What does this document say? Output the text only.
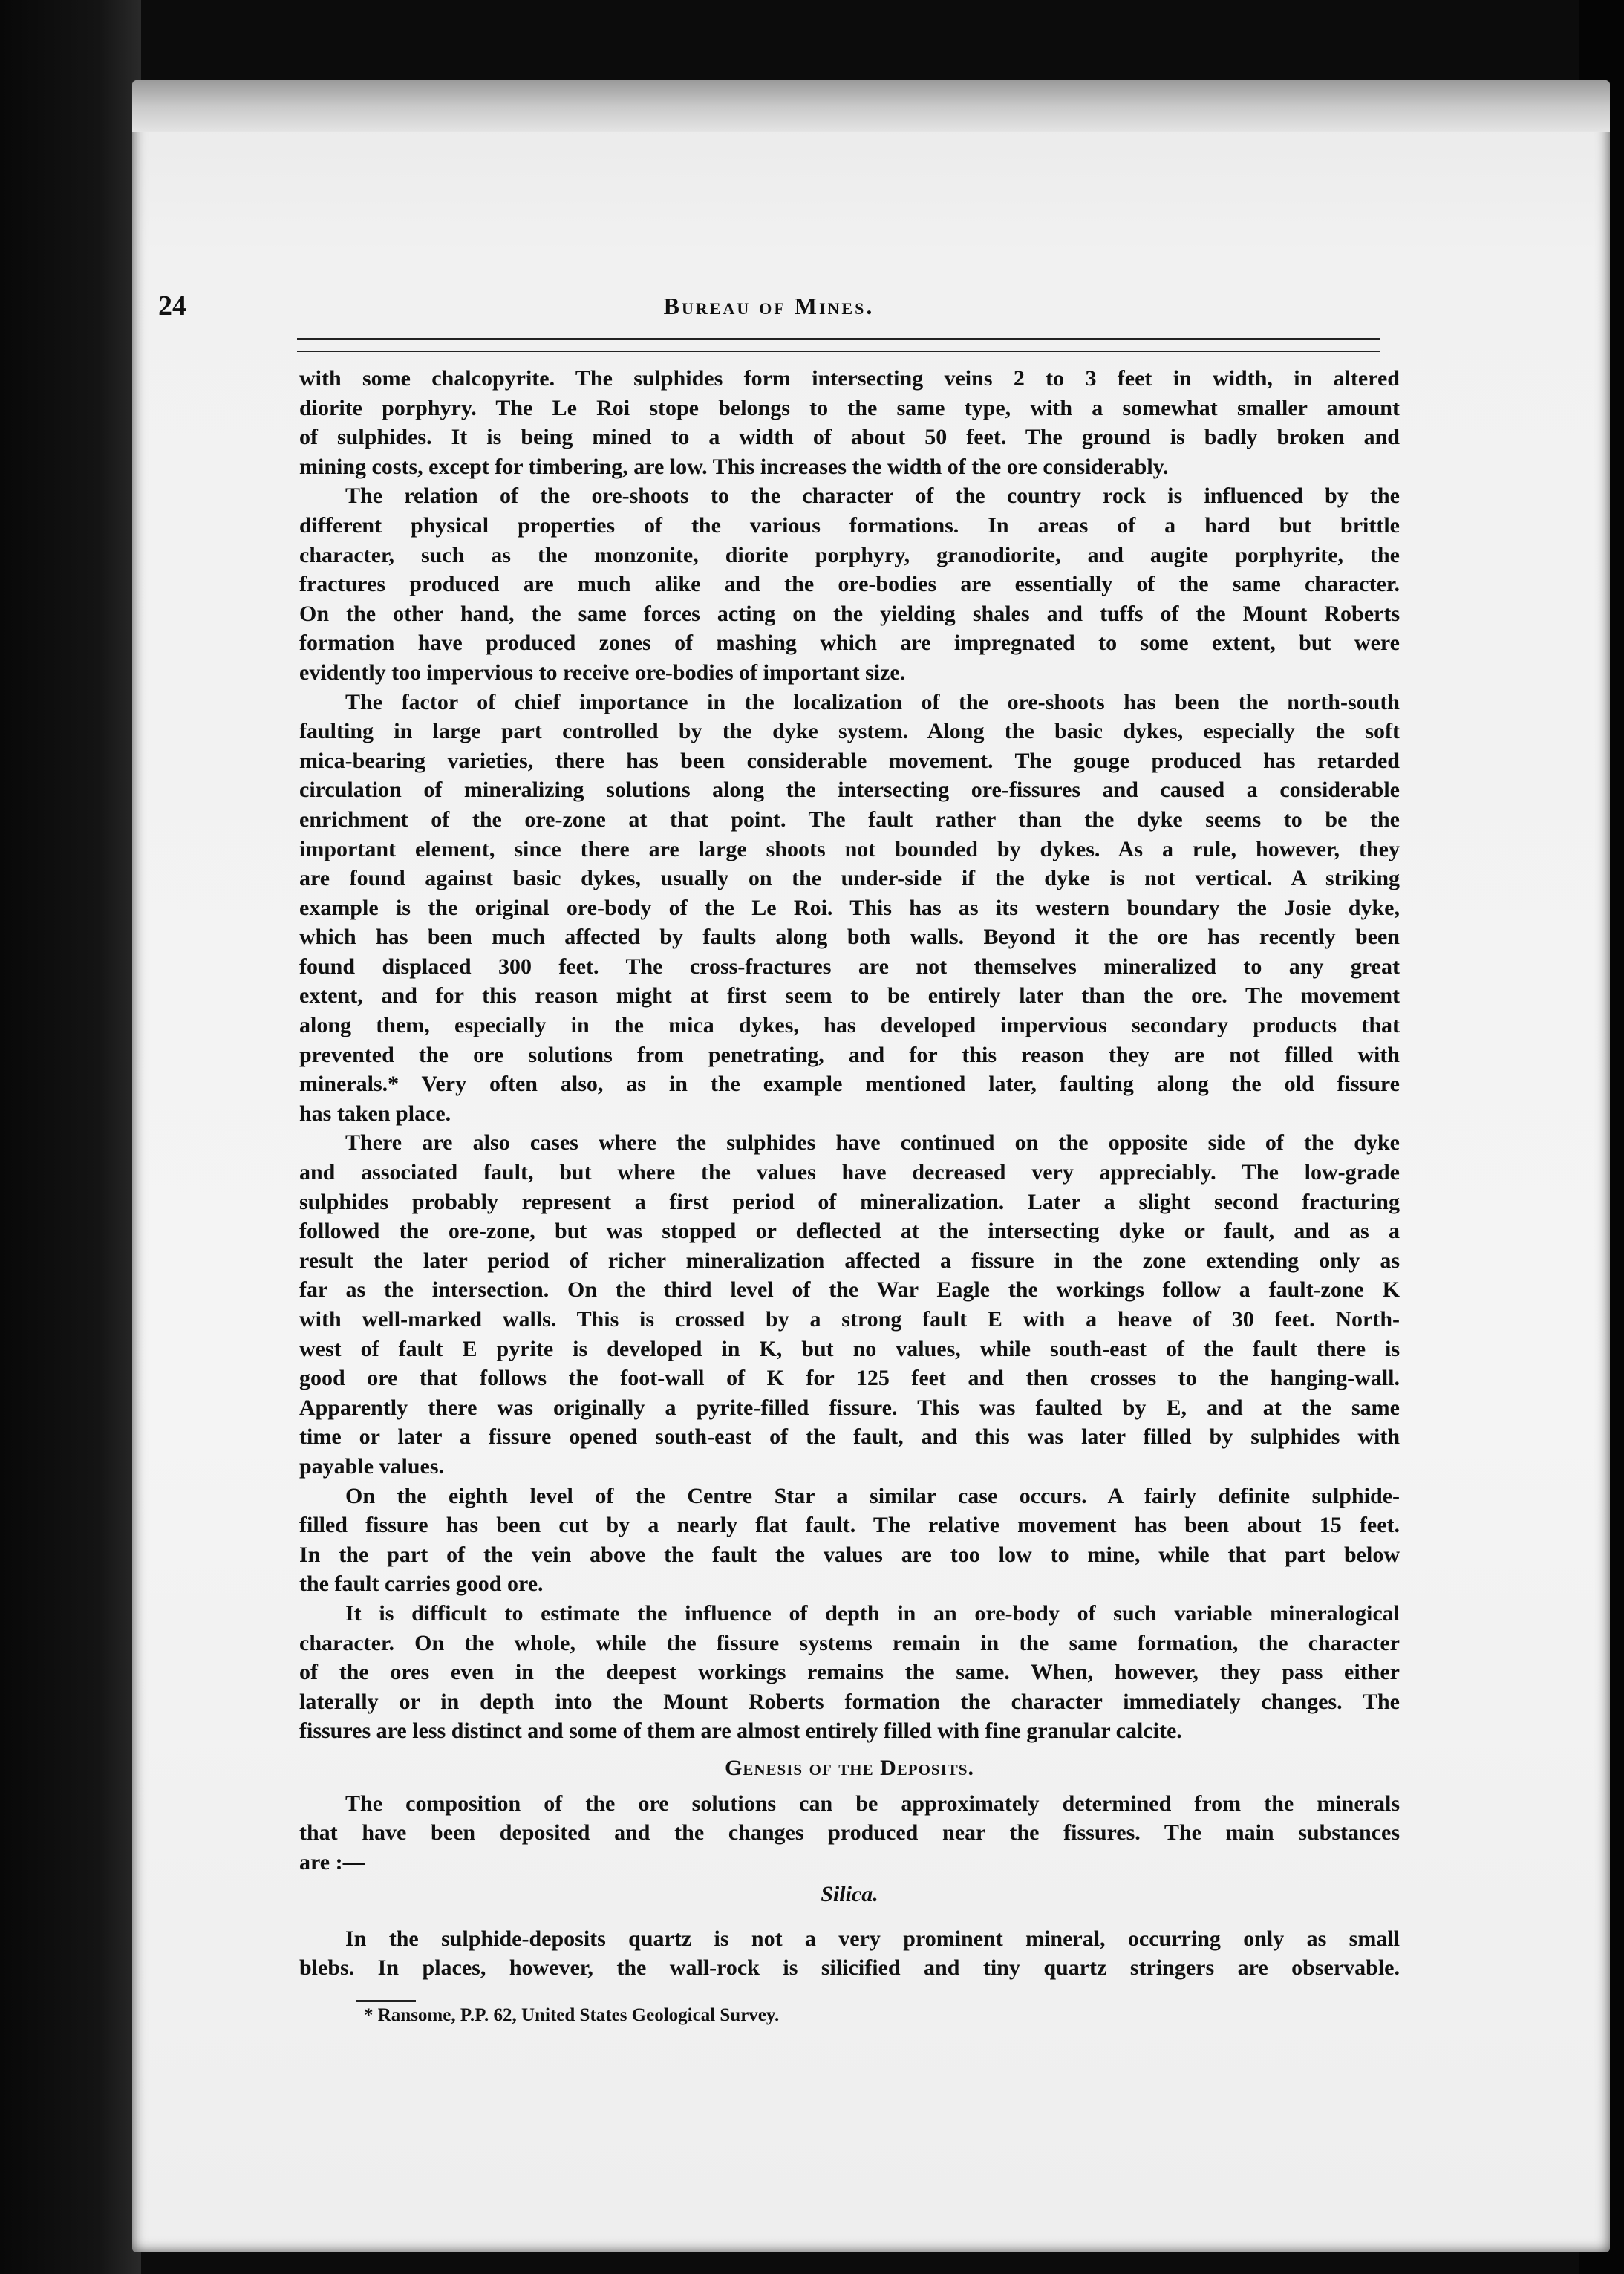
24	Bureau of Mines.
with some chalcopyrite. The sulphides form intersecting veins 2 to 3 feet in width, in altered
diorite porphyry. The Le Roi stope belongs to the same type, with a somewhat smaller amount
of sulphides. It is being mined to a width of about 50 feet. The ground is badly broken and
mining costs, except for timbering, are low. This increases the width of the ore considerably.
The relation of the ore-shoots to the character of the country rock is influenced by the
different physical properties of the various formations. In areas of a hard but brittle
character, such as the monzonite, diorite porphyry, granodiorite, and augite porphyrite, the
fractures produced are much alike and the ore-bodies are essentially of the same character.
On the other hand, the same forces acting on the yielding shales and tuffs of the Mount Roberts
formation have produced zones of mashing which are impregnated to some extent, but were
evidently too impervious to receive ore-bodies of important size.
The factor of chief importance in the localization of the ore-shoots has been the north-south
faulting in large part controlled by the dyke system. Along the basic dykes, especially the soft
mica-bearing varieties, there has been considerable movement. The gouge produced has retarded
circulation of mineralizing solutions along the intersecting ore-fissures and caused a considerable
enrichment of the ore-zone at that point. The fault rather than the dyke seems to be the
important element, since there are large shoots not bounded by dykes. As a rule, however, they
are found against basic dykes, usually on the under-side if the dyke is not vertical. A striking
example is the original ore-body of the Le Roi. This has as its western boundary the Josie dyke,
which has been much affected by faults along both walls. Beyond it the ore has recently been
found displaced 300 feet. The cross-fractures are not themselves mineralized to any great
extent, and for this reason might at first seem to be entirely later than the ore. The movement
along them, especially in the mica dykes, has developed impervious secondary products that
prevented the ore solutions from penetrating, and for this reason they are not filled with
minerals.* Very often also, as in the example mentioned later, faulting along the old fissure
has taken place.
There are also cases where the sulphides have continued on the opposite side of the dyke
and associated fault, but where the values have decreased very appreciably. The low-grade
sulphides probably represent a first period of mineralization. Later a slight second fracturing
followed the ore-zone, but was stopped or deflected at the intersecting dyke or fault, and as a
result the later period of richer mineralization affected a fissure in the zone extending only as
far as the intersection. On the third level of the War Eagle the workings follow a fault-zone K
with well-marked walls. This is crossed by a strong fault E with a heave of 30 feet. North-
west of fault E pyrite is developed in K, but no values, while south-east of the fault there is
good ore that follows the foot-wall of K for 125 feet and then crosses to the hanging-wall.
Apparently there was originally a pyrite-filled fissure. This was faulted by E, and at the same
time or later a fissure opened south-east of the fault, and this was later filled by sulphides with
payable values.
On the eighth level of the Centre Star a similar case occurs. A fairly definite sulphide-
filled fissure has been cut by a nearly flat fault. The relative movement has been about 15 feet.
In the part of the vein above the fault the values are too low to mine, while that part below
the fault carries good ore.
It is difficult to estimate the influence of depth in an ore-body of such variable mineralogical
character. On the whole, while the fissure systems remain in the same formation, the character
of the ores even in the deepest workings remains the same. When, however, they pass either
laterally or in depth into the Mount Roberts formation the character immediately changes. The
fissures are less distinct and some of them are almost entirely filled with fine granular calcite.
Genesis of the Deposits.
The composition of the ore solutions can be approximately determined from the minerals
that have been deposited and the changes produced near the fissures. The main substances
are :—
Silica.
In the sulphide-deposits quartz is not a very prominent mineral, occurring only as small
blebs. In places, however, the wall-rock is silicified and tiny quartz stringers are observable.
* Ransome, P.P. 62, United States Geological Survey.
